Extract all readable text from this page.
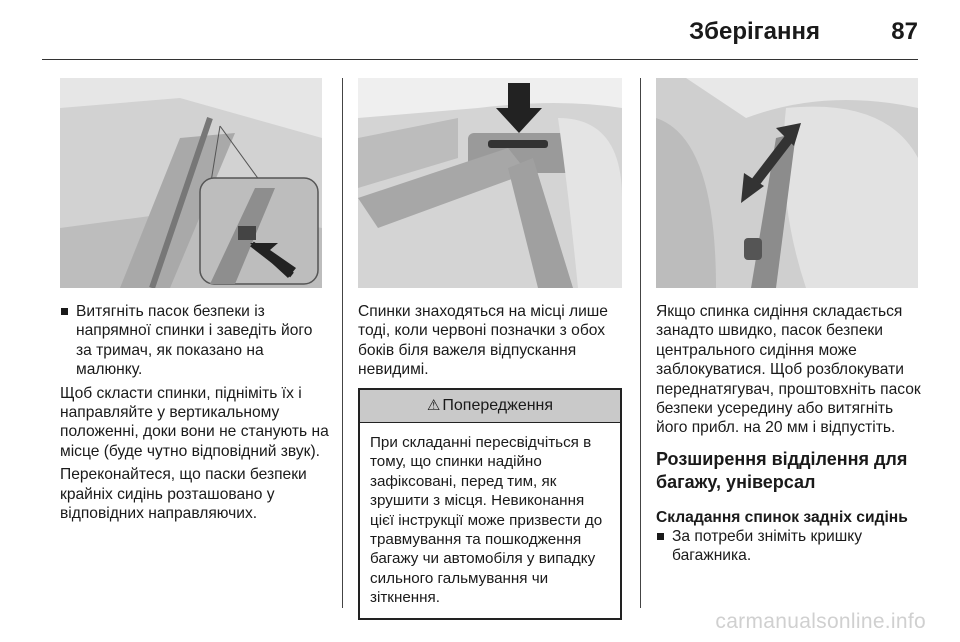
Зберігання	87
Витягніть пасок безпеки із напрямної спинки і заведіть його за тримач, як показано на малюнку.

Щоб скласти спинки, підніміть їх і направляйте у вертикальному положенні, доки вони не станують на місце (буде чутно відповідний звук).

Переконайтеся, що паски безпеки крайніх сидінь розташовано у відповідних направляючих.

Спинки знаходяться на місці лише тоді, коли червоні позначки з обох боків біля важеля відпускання невидимі.

⚠ Попередження
При складанні пересвідчіться в тому, що спинки надійно зафіксовані, перед тим, як зрушити з місця. Невиконання цієї інструкції може призвести до травмування та пошкодження багажу чи автомобіля у випадку сильного гальмування чи зіткнення.

Якщо спинка сидіння складається занадто швидко, пасок безпеки центрального сидіння може заблокуватися. Щоб розблокувати переднатягувач, проштовхніть пасок безпеки усередину або витягніть його прибл. на 20 мм і відпустіть.

Розширення відділення для багажу, універсал
Складання спинок задніх сидінь
За потреби зніміть кришку багажника.
carmanualsonline.info
